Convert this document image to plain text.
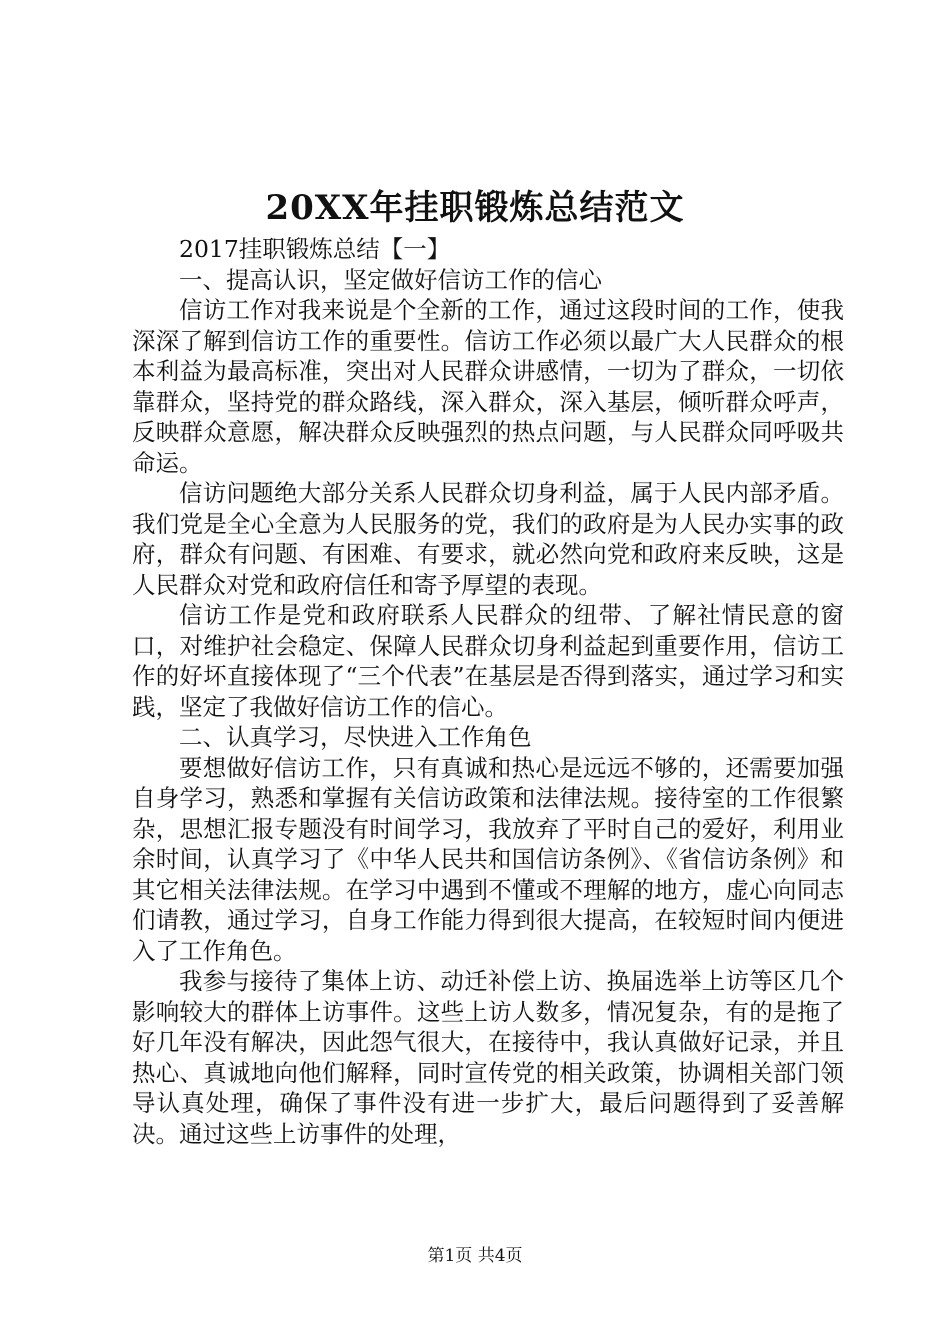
20XX年挂职锻炼总结范文

2017挂职锻炼总结【一】

一、提高认识，坚定做好信访工作的信心

信访工作对我来说是个全新的工作，通过这段时间的工作，使我深深了解到信访工作的重要性。信访工作必须以最广大人民群众的根本利益为最高标准，突出对人民群众讲感情，一切为了群众，一切依靠群众，坚持党的群众路线，深入群众，深入基层，倾听群众呼声，反映群众意愿，解决群众反映强烈的热点问题，与人民群众同呼吸共命运。

信访问题绝大部分关系人民群众切身利益，属于人民内部矛盾。我们党是全心全意为人民服务的党，我们的政府是为人民办实事的政府，群众有问题、有困难、有要求，就必然向党和政府来反映，这是人民群众对党和政府信任和寄予厚望的表现。

信访工作是党和政府联系人民群众的纽带、了解社情民意的窗口，对维护社会稳定、保障人民群众切身利益起到重要作用，信访工作的好坏直接体现了“三个代表”在基层是否得到落实，通过学习和实践，坚定了我做好信访工作的信心。

二、认真学习，尽快进入工作角色

要想做好信访工作，只有真诚和热心是远远不够的，还需要加强自身学习，熟悉和掌握有关信访政策和法律法规。接待室的工作很繁杂，思想汇报专题没有时间学习，我放弃了平时自己的爱好，利用业余时间，认真学习了《中华人民共和国信访条例》、《省信访条例》和其它相关法律法规。在学习中遇到不懂或不理解的地方，虚心向同志们请教，通过学习，自身工作能力得到很大提高，在较短时间内便进入了工作角色。

我参与接待了集体上访、动迁补偿上访、换届选举上访等区几个影响较大的群体上访事件。这些上访人数多，情况复杂，有的是拖了好几年没有解决，因此怨气很大，在接待中，我认真做好记录，并且热心、真诚地向他们解释，同时宣传党的相关政策，协调相关部门领导认真处理，确保了事件没有进一步扩大，最后问题得到了妥善解决。通过这些上访事件的处理，

第1页 共4页
